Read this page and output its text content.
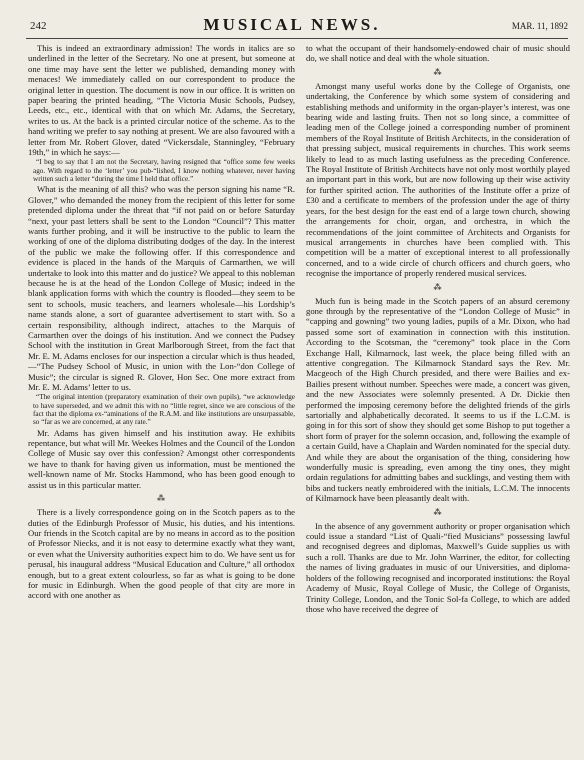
242	MUSICAL NEWS.	MAR. 11, 1892

This is indeed an extraordinary admission! The words in italics are so underlined in the letter of the Secretary. No one at present, but someone at one time may have sent the letter we published, demanding money with menaces! We immediately called on our correspondent to produce the original letter in question. The document is now in our office. It is written on paper bearing the printed heading, “The Victoria Music Schools, Pudsey, Leeds, etc., etc., identical with that on which Mr. Adams, the Secretary, writes to us. At the back is a printed circular notice of the scheme. As to the hand writing we prefer to say nothing at present. We are also favoured with a letter from Mr. Robert Glover, dated “Vickersdale, Stanningley, “February 19th,” in which he says:—

“I beg to say that I am not the Secretary, having resigned that “office some few weeks ago. With regard to the ‘letter’ you pub-“lished, I know nothing whatever, never having written such a letter “during the time I held that office.”

What is the meaning of all this? who was the person signing his name “R. Glover,” who demanded the money from the recipient of this letter for some pretended diploma under the threat that “if not paid on or before Saturday “next, your past letters shall be sent to the London “Council”? This matter wants further probing, and it will be instructive to the public to learn the working of one of the diploma distributing dodges of the day. In the interest of the public we make the following offer. If this correspondence and evidence is placed in the hands of the Marquis of Carmarthen, we will undertake to look into this matter and do justice? We appeal to this nobleman because he is at the head of the London College of Music; indeed in the blank application forms with which the country is flooded—they seem to be sent to schools, music teachers, and learners wholesale—his Lordship’s name stands alone, a sort of guarantee advertisement to start with. So a certain responsibility, although indirect, attaches to the Marquis of Carmarthen over the doings of his institution. And we connect the Pudsey School with the institution in Great Marlborough Street, from the fact that Mr. E. M. Adams encloses for our inspection a circular which is thus headed, —“The Pudsey School of Music, in union with the Lon-“don College of Music”; the circular is signed R. Glover, Hon Sec. One more extract from Mr. E. M. Adams’ letter to us.

“The original intention (preparatory examination of their own pupils), “we acknowledge to have superseded, and we admit this with no “little regret, since we are conscious of the fact that the diploma ex-“aminations of the R.A.M. and like institutions are unsurpassable, so “far as we are concerned, at any rate.”

Mr. Adams has given himself and his institution away. He exhibits repentance, but what will Mr. Weekes Holmes and the Council of the London College of Music say over this confession? Amongst other correspondents we have to thank for having given us information, must be mentioned the well-known name of Mr. Stocks Hammond, who has been good enough to assist us in this particular matter.

⁂

There is a lively correspondence going on in the Scotch papers as to the duties of the Edinburgh Professor of Music, his duties, and his intentions. Our friends in the Scotch capital are by no means in accord as to the position of Professor Niecks, and it is not easy to determine exactly what they want, or even what the University authorities expect him to do. We have sent us for perusal, his inaugural address “Musical Education and Culture,” all orthodox enough, but to a great extent colourless, so far as what is going to be done for music in Edinburgh. When the good people of that city are more in accord with one another as

to what the occupant of their handsomely-endowed chair of music should do, we shall notice and deal with the whole situation.

⁂

Amongst many useful works done by the College of Organists, one undertaking, the Conference by which some system of considering and establishing methods and uniformity in the organ-player’s interest, was one bearing wide and lasting fruits. Then not so long since, a committee of leading men of the College joined a corresponding number of prominent members of the Royal Institute of British Architects, in the consideration of that pressing subject, musical requirements in churches. This work seems likely to lead to as much lasting usefulness as the preceding Conference. The Royal Institute of British Architects have not only most worthily played an important part in this work, but are now following up their wise activity for further spirited action. The authorities of the Institute offer a prize of £30 and a certificate to members of the profession under the age of thirty years, for the best design for the east end of a large town church, showing the arrangements for choir, organ, and orchestra, in which the recommendations of the joint committee of Architects and Organists for musical arrangements in churches have been complied with. This competition will be a matter of exceptional interest to all professionally concerned, and to a wide circle of church officers and church goers, who recognise the importance of properly rendered musical services.

⁂

Much fun is being made in the Scotch papers of an absurd ceremony gone through by the representative of the “London College of Music” in “capping and gowning” two young ladies, pupils of a Mr. Dixon, who had passed some sort of examination in connection with this institution. According to the Scotsman, the “ceremony” took place in the Corn Exchange Hall, Kilmarnock, last week, the place being filled with an attentive congregation. The Kilmarnock Standard says the Rev. Mr. Macgeoch of the High Church presided, and there were Bailies and ex-Bailies present without number. Speeches were made, a concert was given, and the new Associates were solemnly presented. A Dr. Dickie then performed the imposing ceremony before the delighted friends of the girls sartorially and alphabetically decorated. It seems to us if the L.C.M. is going in for this sort of show they should get some Bishop to put together a short form of prayer for the solemn occasion, and, following the example of a certain Guild, have a Chaplain and Warden nominated for the special duty. And while they are about the organisation of the thing, considering how wonderfully music is spreading, even among the tiny ones, they might ordain regulations for admitting babes and sucklings, and vesting them with bibs and tuckers neatly embroidered with the initials, L.C.M. The innocents of Kilmarnock have been pleasantly dealt with.

⁂

In the absence of any government authority or proper organisation which could issue a standard “List of Quali-“fied Musicians” possessing lawful and recognised degrees and diplomas, Maxwell’s Guide supplies us with such a roll. Thanks are due to Mr. John Warriner, the editor, for collecting the names of living graduates in music of our Universities, and diploma-holders of the following recognised and incorporated institutions: the Royal Academy of Music, Royal College of Music, the College of Organists, Trinity College, London, and the Tonic Sol-fa College, to which are added those who have received the degree of
